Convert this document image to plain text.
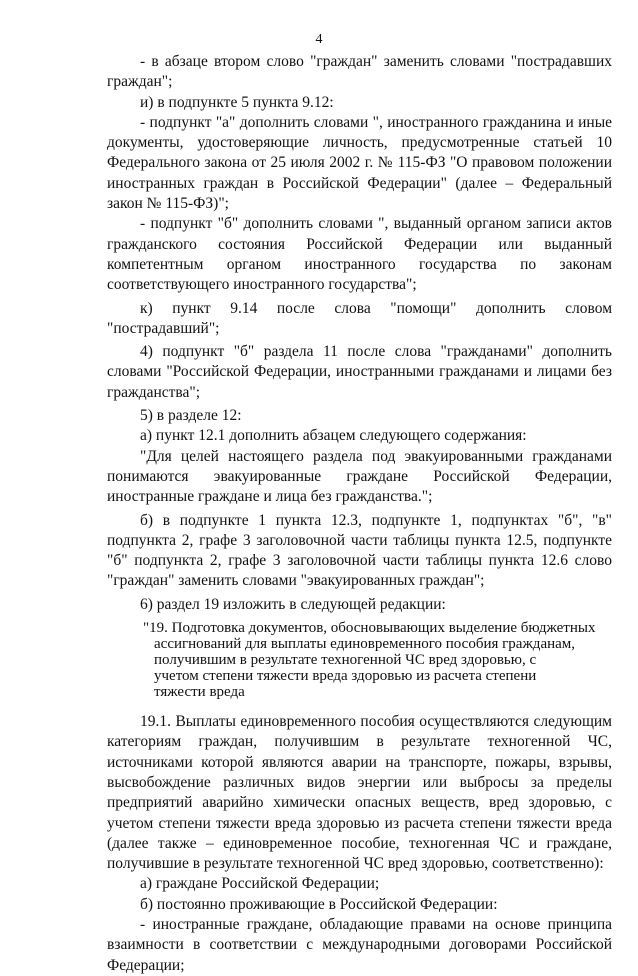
4

- в абзаце втором слово "граждан" заменить словами "пострадавших граждан";

и) в подпункте 5 пункта 9.12:

- подпункт "а" дополнить словами ", иностранного гражданина и иные документы, удостоверяющие личность, предусмотренные статьей 10 Федерального закона от 25 июля 2002 г. № 115-ФЗ "О правовом положении иностранных граждан в Российской Федерации" (далее – Федеральный закон № 115-ФЗ)";

- подпункт "б" дополнить словами ", выданный органом записи актов гражданского состояния Российской Федерации или выданный компетентным органом иностранного государства по законам соответствующего иностранного государства";

к) пункт 9.14 после слова "помощи" дополнить словом "пострадавший";

4) подпункт "б" раздела 11 после слова "гражданами" дополнить словами "Российской Федерации, иностранными гражданами и лицами без гражданства";

5) в разделе 12:

а) пункт 12.1 дополнить абзацем следующего содержания:

"Для целей настоящего раздела под эвакуированными гражданами понимаются эвакуированные граждане Российской Федерации, иностранные граждане и лица без гражданства.";

б) в подпункте 1 пункта 12.3, подпункте 1, подпунктах "б", "в" подпункта 2, графе 3 заголовочной части таблицы пункта 12.5, подпункте "б" подпункта 2, графе 3 заголовочной части таблицы пункта 12.6 слово "граждан" заменить словами "эвакуированных граждан";

6) раздел 19 изложить в следующей редакции:

"19. Подготовка документов, обосновывающих выделение бюджетных
ассигнований для выплаты единовременного пособия гражданам,
получившим в результате техногенной ЧС вред здоровью, с
учетом степени тяжести вреда здоровью из расчета степени
тяжести вреда

19.1. Выплаты единовременного пособия осуществляются следующим категориям граждан, получившим в результате техногенной ЧС, источниками которой являются аварии на транспорте, пожары, взрывы, высвобождение различных видов энергии или выбросы за пределы предприятий аварийно химически опасных веществ, вред здоровью, с учетом степени тяжести вреда здоровью из расчета степени тяжести вреда (далее также – единовременное пособие, техногенная ЧС и граждане, получившие в результате техногенной ЧС вред здоровью, соответственно):

а) граждане Российской Федерации;

б) постоянно проживающие в Российской Федерации:

- иностранные граждане, обладающие правами на основе принципа взаимности в соответствии с международными договорами Российской Федерации;
